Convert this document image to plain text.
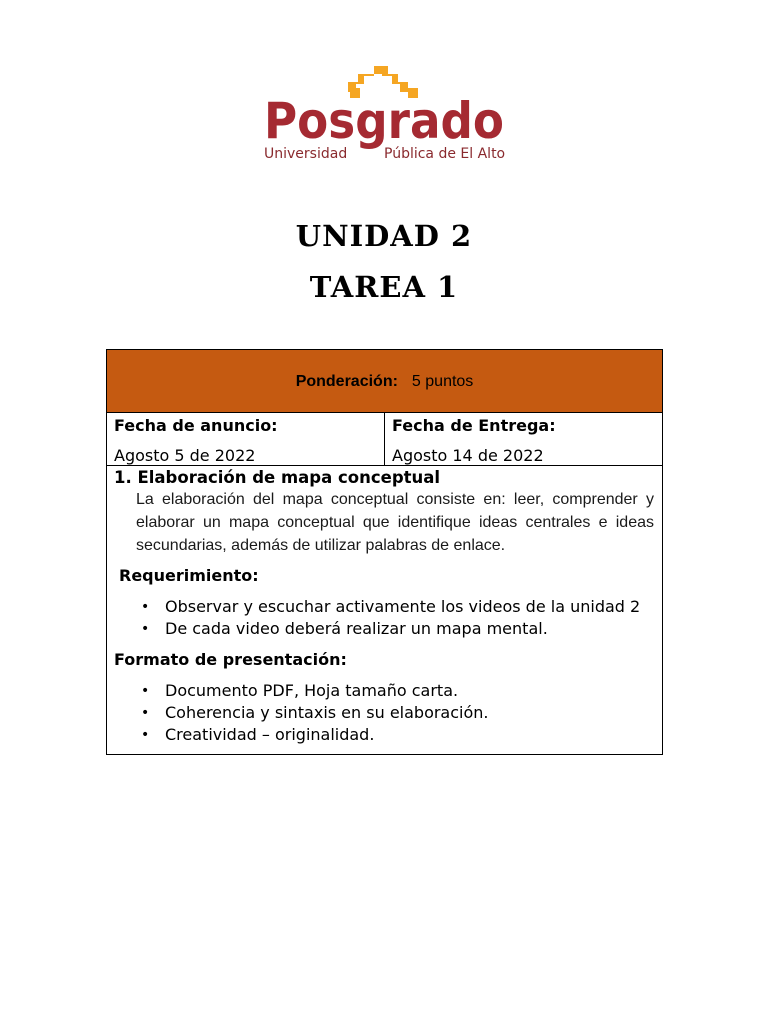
Posgrado
Universidad	Pública de El Alto
UNIDAD 2
TAREA 1
Ponderación: 5 puntos

Fecha de anuncio:
Agosto 5 de 2022

Fecha de Entrega:
Agosto 14 de 2022

1. Elaboración de mapa conceptual
La elaboración del mapa conceptual consiste en: leer, comprender y elaborar un mapa conceptual que identifique ideas centrales e ideas secundarias, además de utilizar palabras de enlace.
Requerimiento:
• Observar y escuchar activamente los videos de la unidad 2
• De cada video deberá realizar un mapa mental.
Formato de presentación:
• Documento PDF, Hoja tamaño carta.
• Coherencia y sintaxis en su elaboración.
• Creatividad – originalidad.
